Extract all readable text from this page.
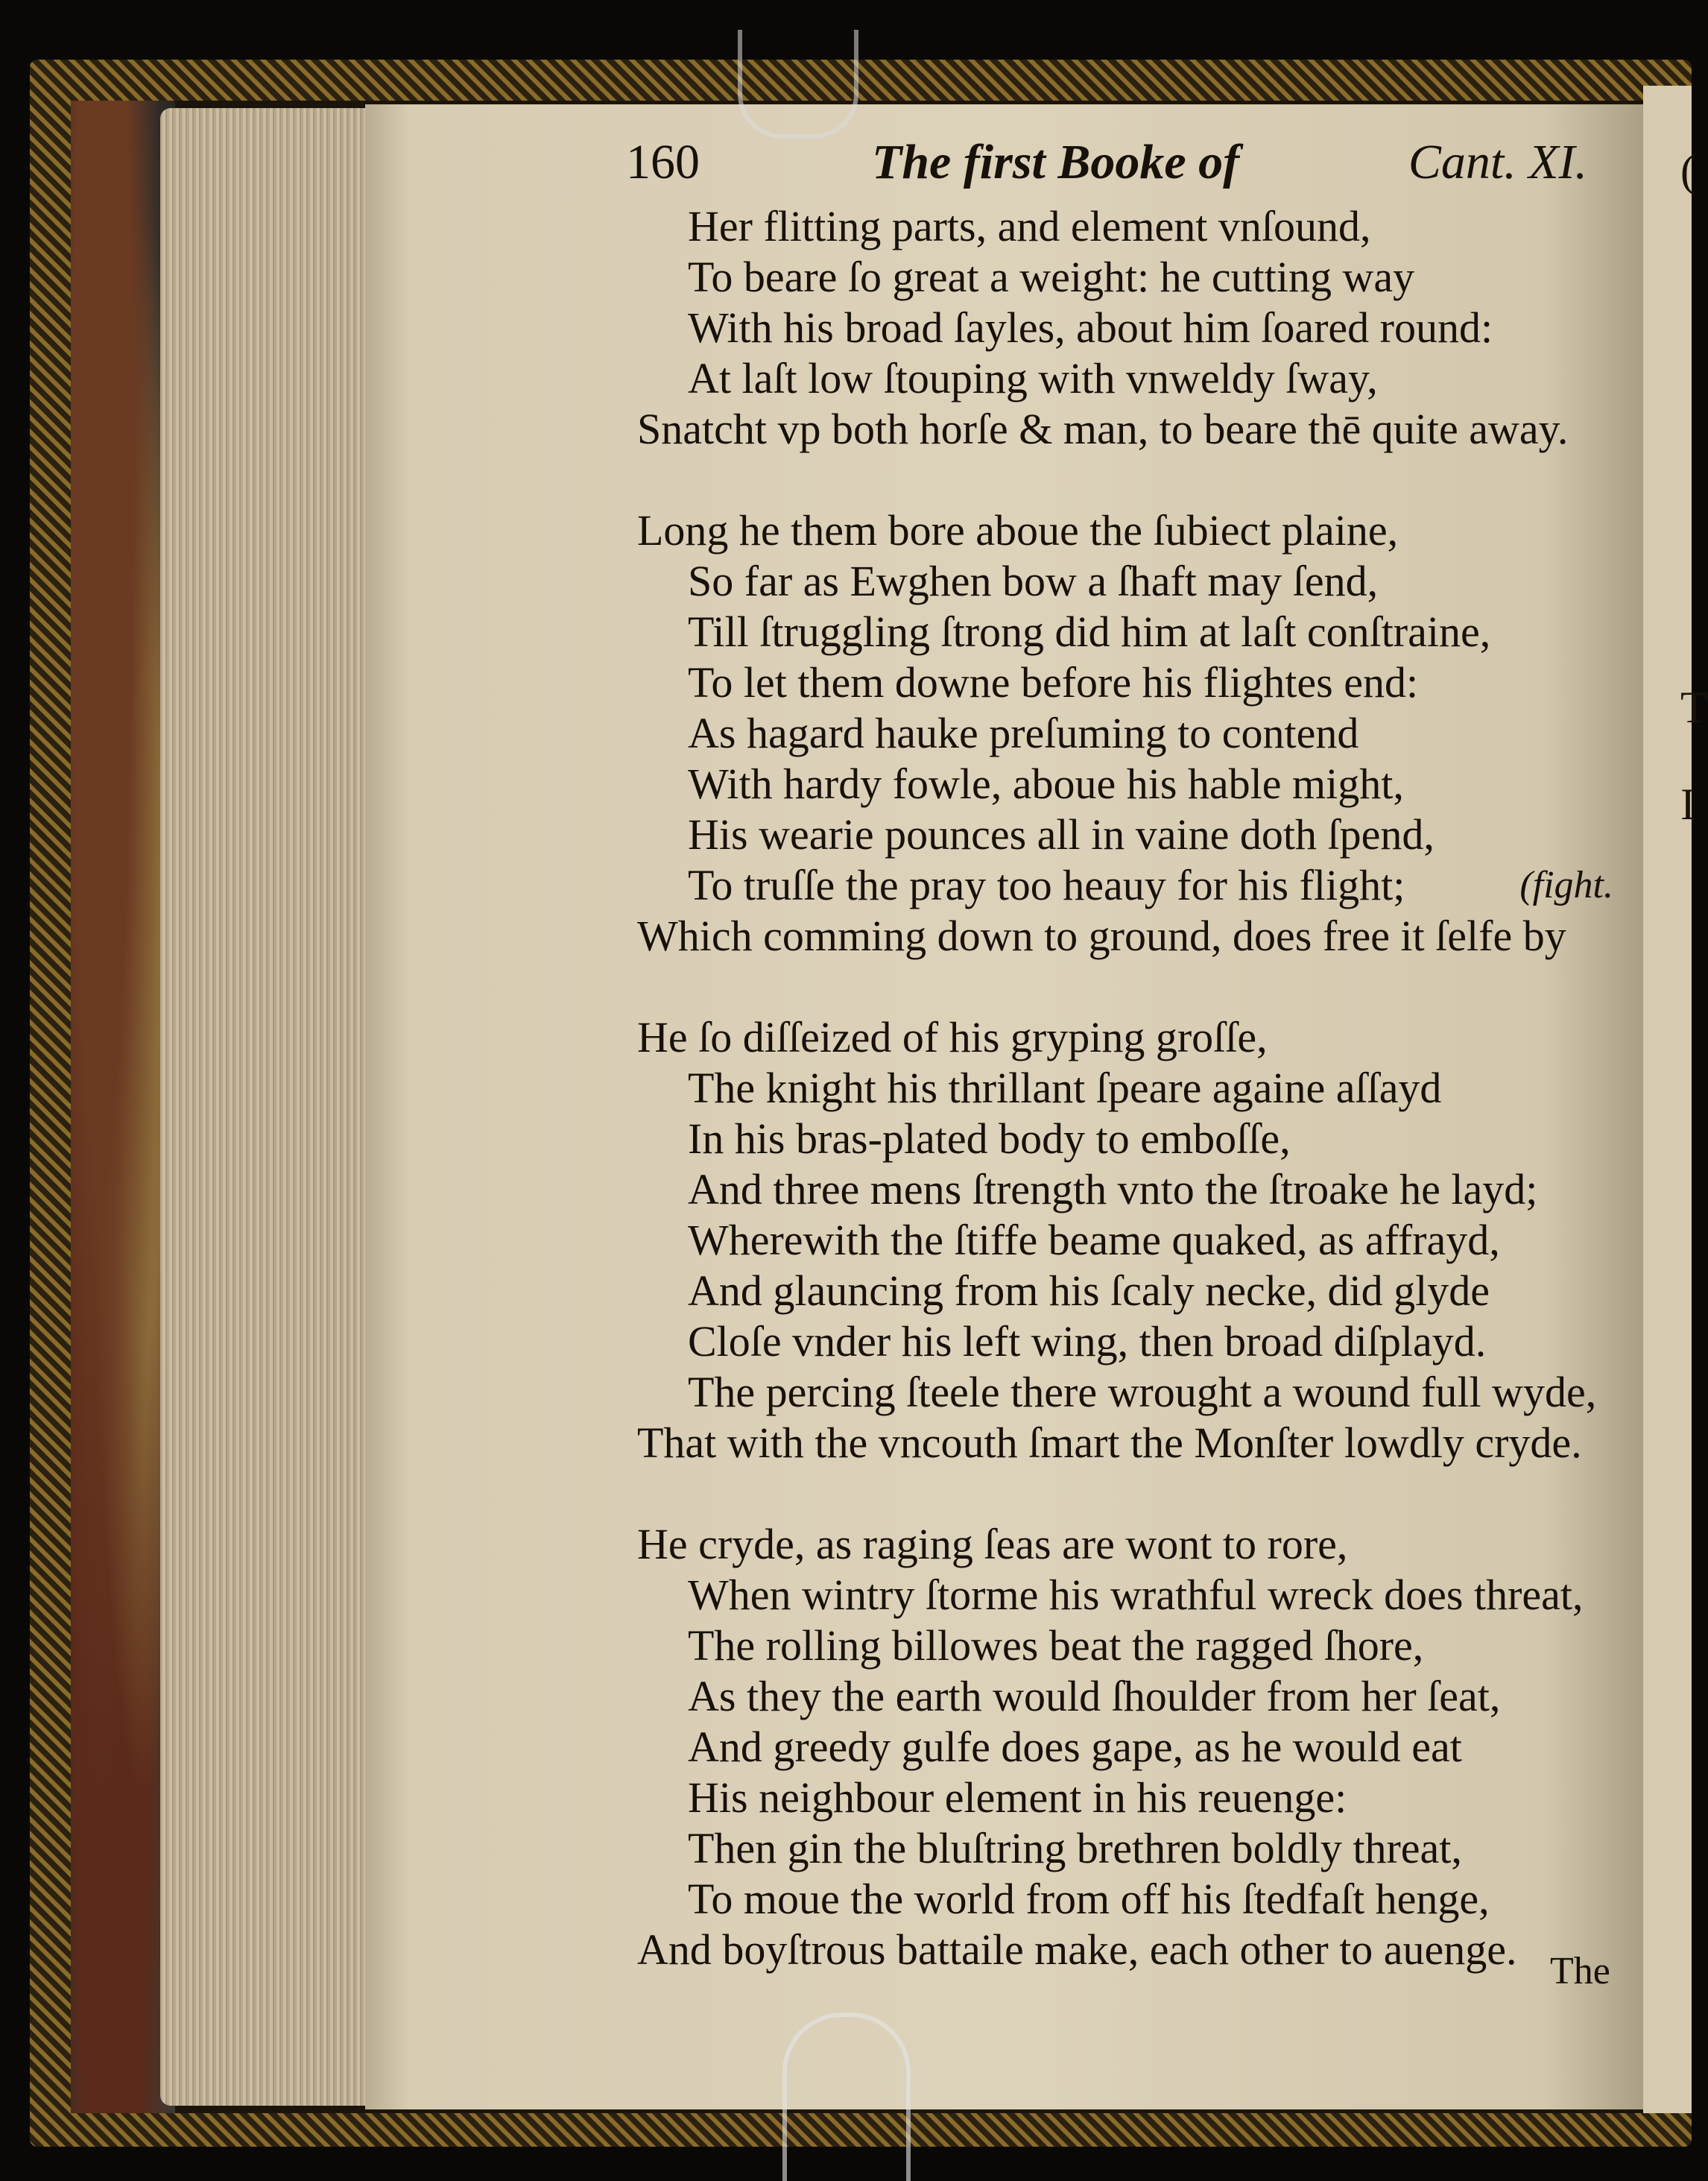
(
T
I
160	The first Booke of	Cant. XI.
Her flitting parts, and element vnſound,
To beare ſo great a weight: he cutting way
With his broad ſayles, about him ſoared round:
At laſt low ſtouping with vnweldy ſway,
Snatcht vp both horſe & man, to beare thē quite away.
Long he them bore aboue the ſubiect plaine,
So far as Ewghen bow a ſhaft may ſend,
Till ſtruggling ſtrong did him at laſt conſtraine,
To let them downe before his flightes end:
As hagard hauke preſuming to contend
With hardy fowle, aboue his hable might,
His wearie pounces all in vaine doth ſpend,
To truſſe the pray too heauy for his flight;	(fight.
Which comming down to ground, does free it ſelfe by
He ſo diſſeized of his gryping groſſe,
The knight his thrillant ſpeare againe aſſayd
In his bras-plated body to emboſſe,
And three mens ſtrength vnto the ſtroake he layd;
Wherewith the ſtiffe beame quaked, as affrayd,
And glauncing from his ſcaly necke, did glyde
Cloſe vnder his left wing, then broad diſplayd.
The percing ſteele there wrought a wound full wyde,
That with the vncouth ſmart the Monſter lowdly cryde.
He cryde, as raging ſeas are wont to rore,
When wintry ſtorme his wrathful wreck does threat,
The rolling billowes beat the ragged ſhore,
As they the earth would ſhoulder from her ſeat,
And greedy gulfe does gape, as he would eat
His neighbour element in his reuenge:
Then gin the bluſtring brethren boldly threat,
To moue the world from off his ſtedfaſt henge,
And boyſtrous battaile make, each other to auenge. The
